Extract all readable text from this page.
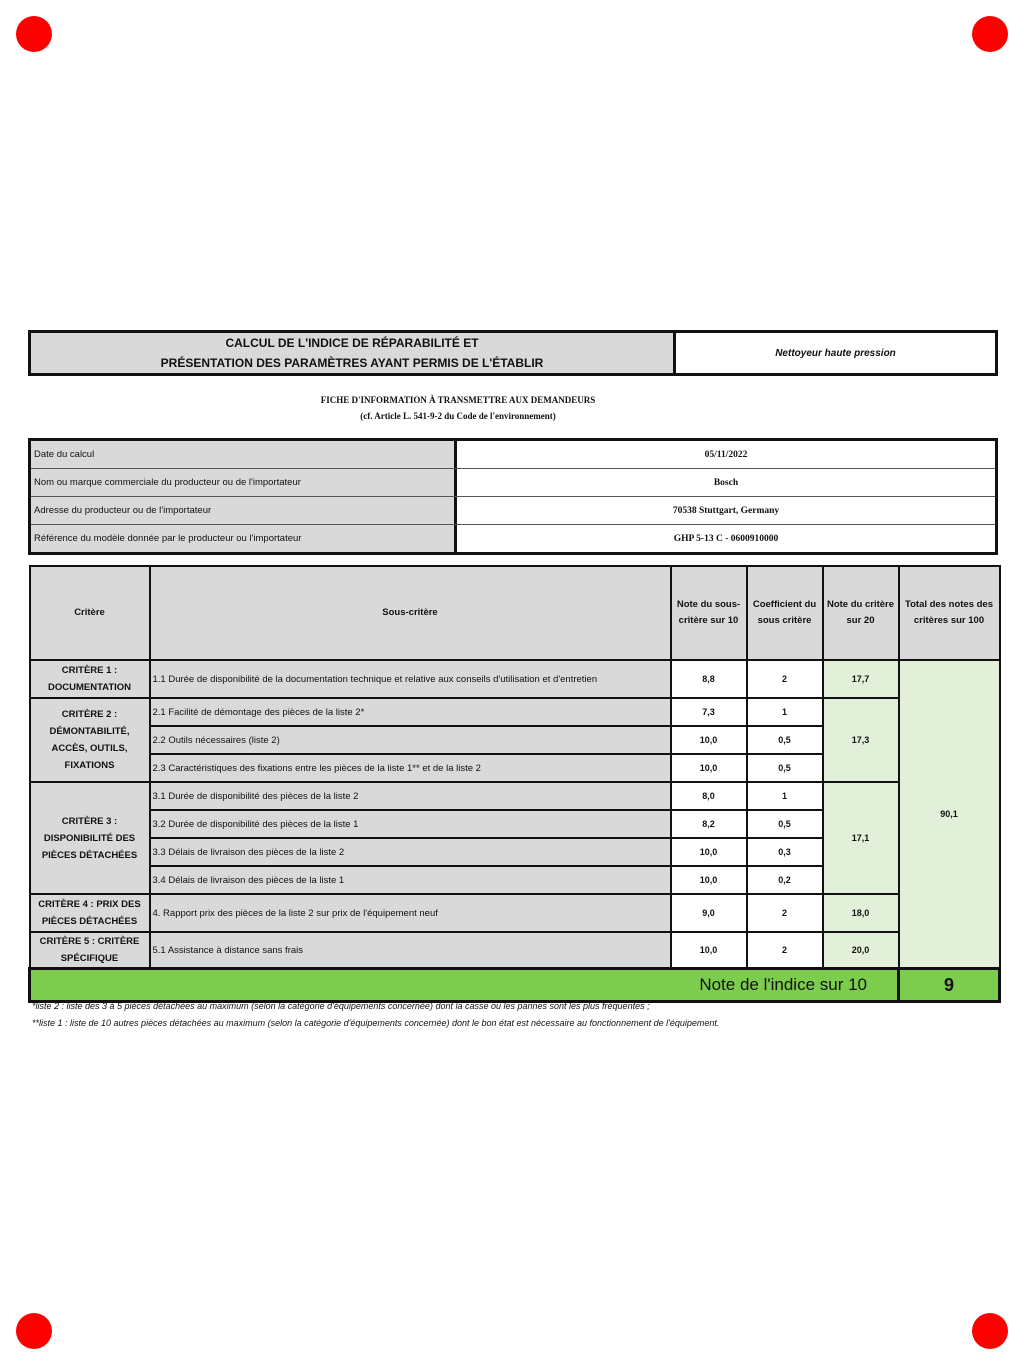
CALCUL DE L'INDICE DE RÉPARABILITÉ ET
PRÉSENTATION DES PARAMÈTRES AYANT PERMIS DE L'ÉTABLIR
Nettoyeur haute pression
FICHE D'INFORMATION À TRANSMETTRE AUX DEMANDEURS
(cf. Article L. 541-9-2 du Code de l'environnement)
Date du calcul	05/11/2022
Nom ou marque commerciale du producteur ou de l'importateur	Bosch
Adresse du producteur ou de l'importateur	70538 Stuttgart, Germany
Référence du modèle donnée par le producteur ou l'importateur	GHP 5-13 C - 0600910000
Critère	Sous-critère	Note du sous-critère sur 10	Coefficient du sous critère	Note du critère sur 20	Total des notes des critères sur 100
CRITÈRE 1 : DOCUMENTATION	1.1 Durée de disponibilité de la documentation technique et relative aux conseils d'utilisation et d'entretien	8,8	2	17,7	90,1
CRITÈRE 2 : DÉMONTABILITÉ, ACCÈS, OUTILS, FIXATIONS	2.1 Facilité de démontage des pièces de la liste 2*	7,3	1	17,3	
	2.2 Outils nécessaires (liste 2)	10,0	0,5		
	2.3 Caractéristiques des fixations entre les pièces de la liste 1** et de la liste 2	10,0	0,5		
CRITÈRE 3 : DISPONIBILITÉ DES PIÈCES DÉTACHÉES	3.1 Durée de disponibilité des pièces de la liste 2	8,0	1	17,1	
	3.2 Durée de disponibilité des pièces de la liste 1	8,2	0,5		
	3.3 Délais de livraison des pièces de la liste 2	10,0	0,3		
	3.4 Délais de livraison des pièces de la liste 1	10,0	0,2		
CRITÈRE 4 : PRIX DES PIÈCES DÉTACHÉES	4. Rapport prix des pièces de la liste 2 sur prix de l'équipement neuf	9,0	2	18,0	
CRITÈRE 5 : CRITÈRE SPÉCIFIQUE	5.1 Assistance à distance sans frais	10,0	2	20,0	
Note de l'indice sur 10					9
*liste 2 : liste des 3 à 5 pièces détachées au maximum (selon la catégorie d'équipements concernée) dont la casse ou les pannes sont les plus fréquentes ;
**liste 1 : liste de 10 autres pièces détachées au maximum (selon la catégorie d'équipements concernée) dont le bon état est nécessaire au fonctionnement de l'équipement.
